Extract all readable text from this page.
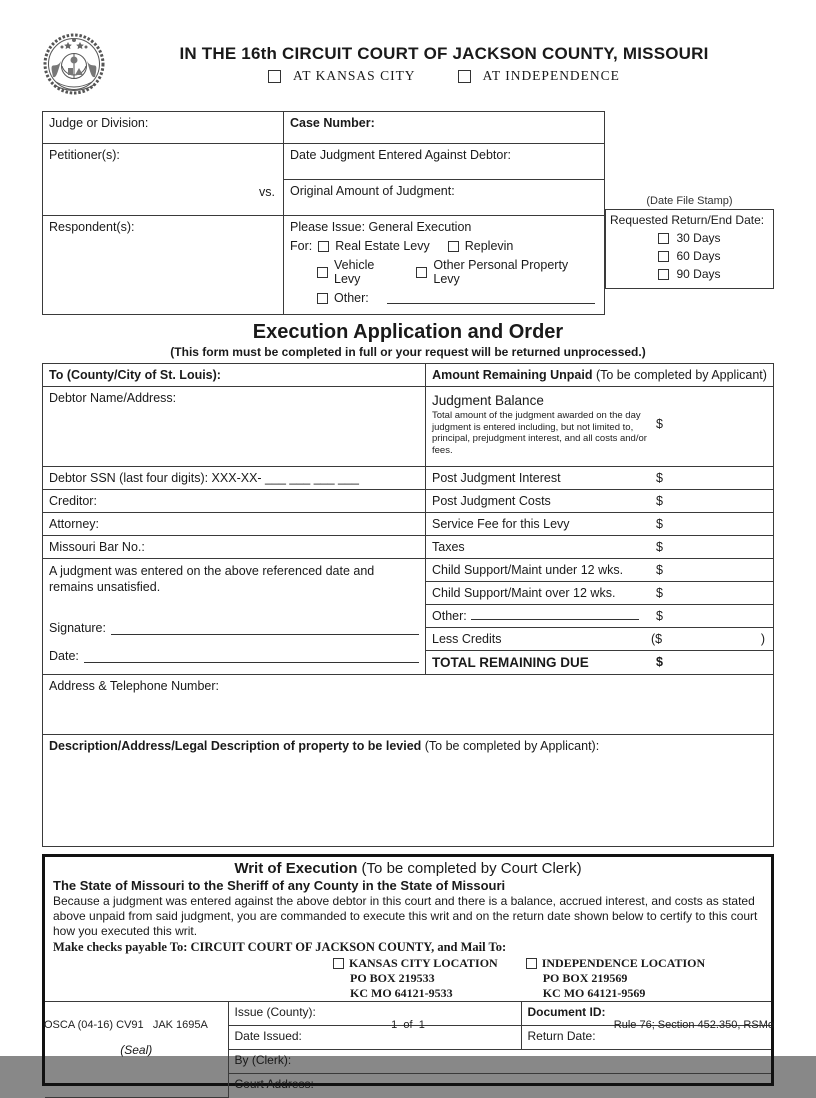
IN THE 16th CIRCUIT COURT OF JACKSON COUNTY, MISSOURI
AT KANSAS CITY	AT INDEPENDENCE
Judge or Division:	Case Number:
Petitioner(s):
vs.	Date Judgment Entered Against Debtor:
	Original Amount of Judgment:
Respondent(s):	Please Issue: General Execution
For: Real Estate Levy	Replevin
Vehicle Levy
Other Personal Property Levy
Other:
(Date File Stamp)
Requested Return/End Date:
30 Days
60 Days
90 Days
Execution Application and Order
(This form must be completed in full or your request will be returned unprocessed.)
To (County/City of St. Louis):	Amount Remaining Unpaid (To be completed by Applicant)
Debtor Name/Address:	Judgment Balance
Total amount of the judgment awarded on the day judgment is entered including, but not limited to, principal, prejudgment interest, and all costs and/or fees.
$

Debtor SSN (last four digits): XXX-XX- ___ ___ ___ ___	Post Judgment Interest $

Creditor:	Post Judgment Costs $

Attorney:	Service Fee for this Levy $

Missouri Bar No.:	Taxes $

A judgment was entered on the above referenced date and remains unsatisfied.
Signature:
Date:
	Child Support/Maint under 12 wks.	$

	Child Support/Maint over 12 wks. $

	Other: $

	Less Credits ($ )

	TOTAL REMAINING DUE $

Address & Telephone Number:	
Description/Address/Legal Description of property to be levied (To be completed by Applicant):	
Writ of Execution (To be completed by Court Clerk)
The State of Missouri to the Sheriff of any County in the State of Missouri
Because a judgment was entered against the above debtor in this court and there is a balance, accrued interest, and costs as stated above unpaid from said judgment, you are commanded to execute this writ and on the return date shown below to certify to this court how you executed this writ.
Make checks payable To: CIRCUIT COURT OF JACKSON COUNTY, and Mail To:
KANSAS CITY LOCATION
PO BOX 219533
KC MO 64121-9533
INDEPENDENCE LOCATION
PO BOX 219569
KC MO 64121-9569
(Seal)	Issue (County):	Document ID:
	Date Issued:	Return Date:
	By (Clerk):	
	Court Address:	
OSCA (04-16) CV91   JAK 1695A	1  of  1	Rule 76; Section 452.350, RSMo
